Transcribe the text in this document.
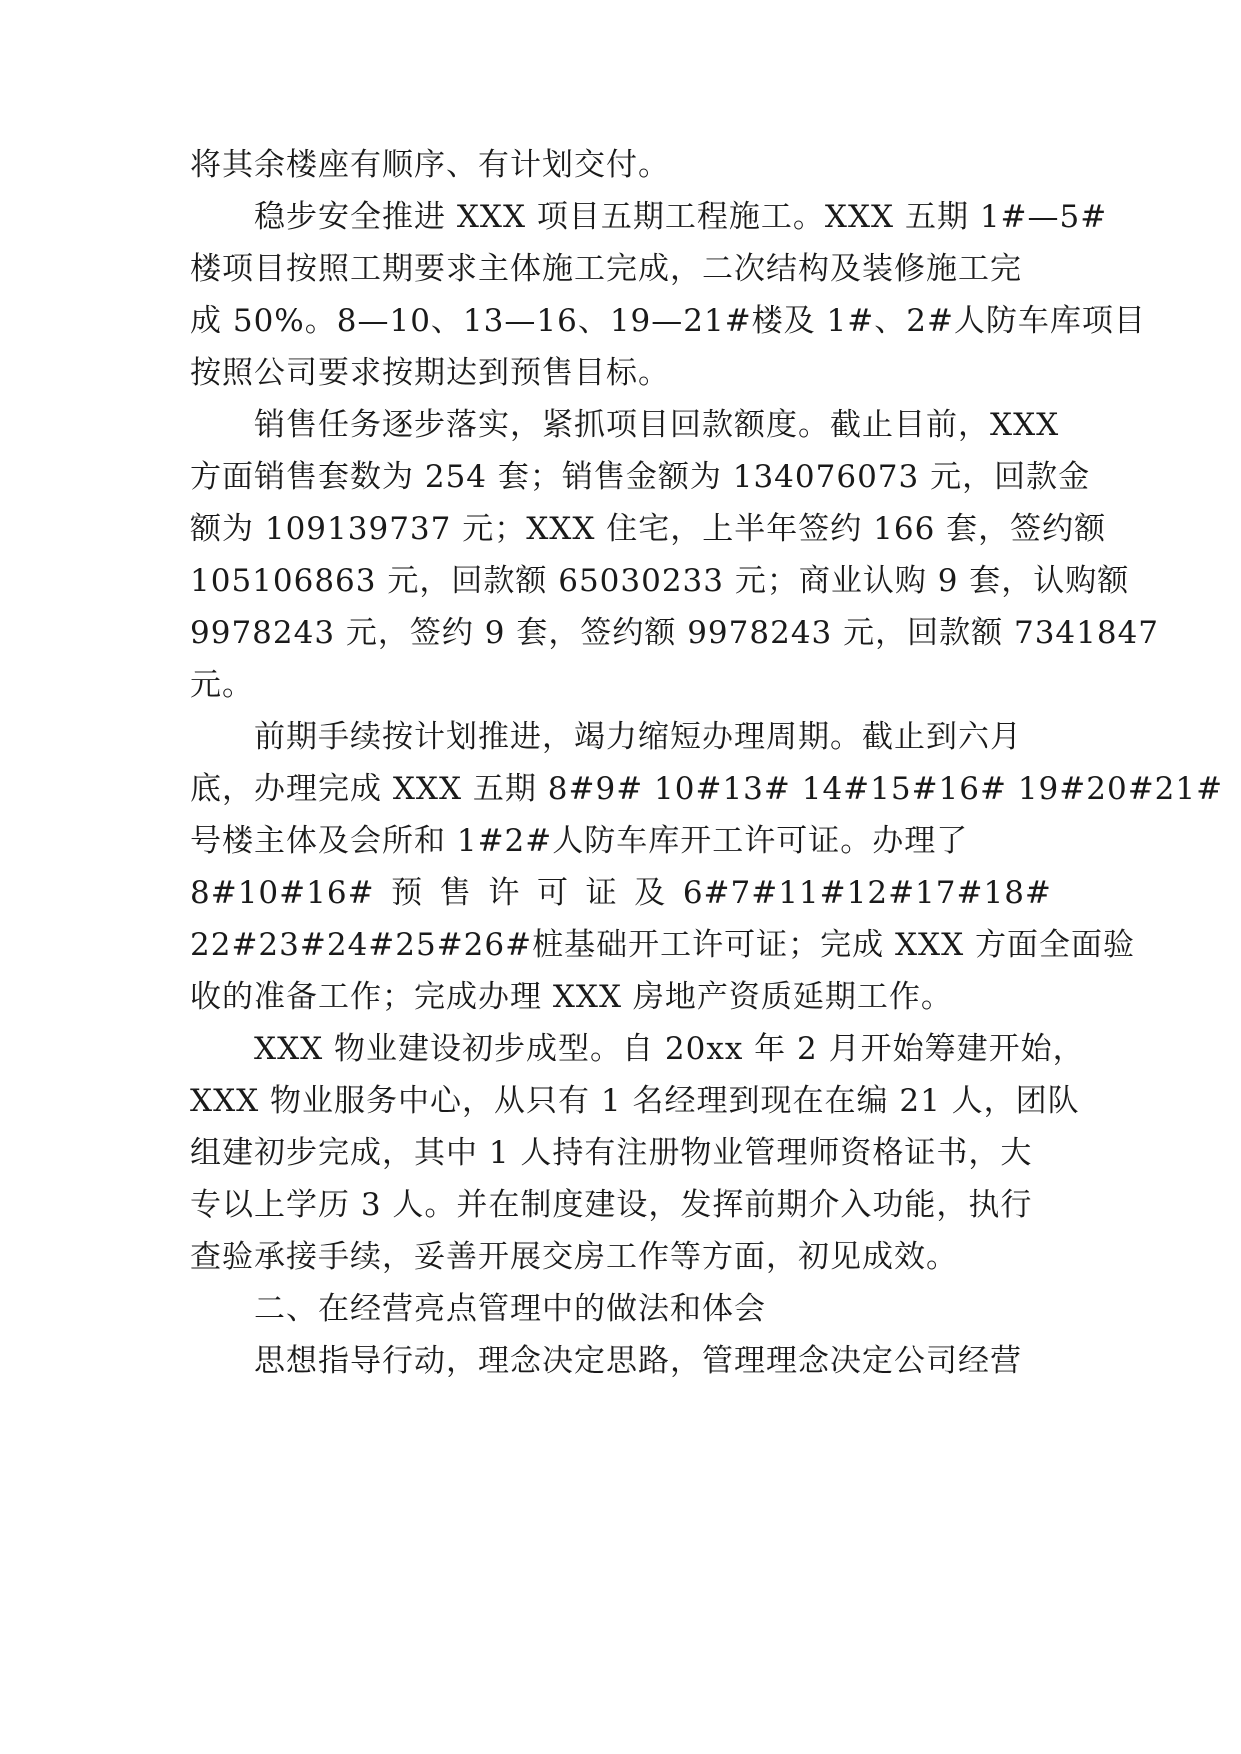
将其余楼座有顺序、有计划交付。
稳步安全推进 XXX 项目五期工程施工。XXX 五期 1#—5#
楼项目按照工期要求主体施工完成，二次结构及装修施工完
成 50%。8—10、13—16、19—21#楼及 1#、2#人防车库项目
按照公司要求按期达到预售目标。
销售任务逐步落实，紧抓项目回款额度。截止目前，XXX
方面销售套数为 254 套；销售金额为 134076073 元，回款金
额为 109139737 元；XXX 住宅，上半年签约 166 套，签约额
105106863 元，回款额 65030233 元；商业认购 9 套，认购额
9978243 元，签约 9 套，签约额 9978243 元，回款额 7341847
元。
前期手续按计划推进，竭力缩短办理周期。截止到六月
底，办理完成 XXX 五期 8#9# 10#13# 14#15#16# 19#20#21#
号楼主体及会所和 1#2#人防车库开工许可证。办理了
8#10#16# 预 售 许 可 证 及 6#7#11#12#17#18#
22#23#24#25#26#桩基础开工许可证；完成 XXX 方面全面验
收的准备工作；完成办理 XXX 房地产资质延期工作。
XXX 物业建设初步成型。自 20xx 年 2 月开始筹建开始，
XXX 物业服务中心，从只有 1 名经理到现在在编 21 人，团队
组建初步完成，其中 1 人持有注册物业管理师资格证书，大
专以上学历 3 人。并在制度建设，发挥前期介入功能，执行
查验承接手续，妥善开展交房工作等方面，初见成效。
二、在经营亮点管理中的做法和体会
思想指导行动，理念决定思路，管理理念决定公司经营
